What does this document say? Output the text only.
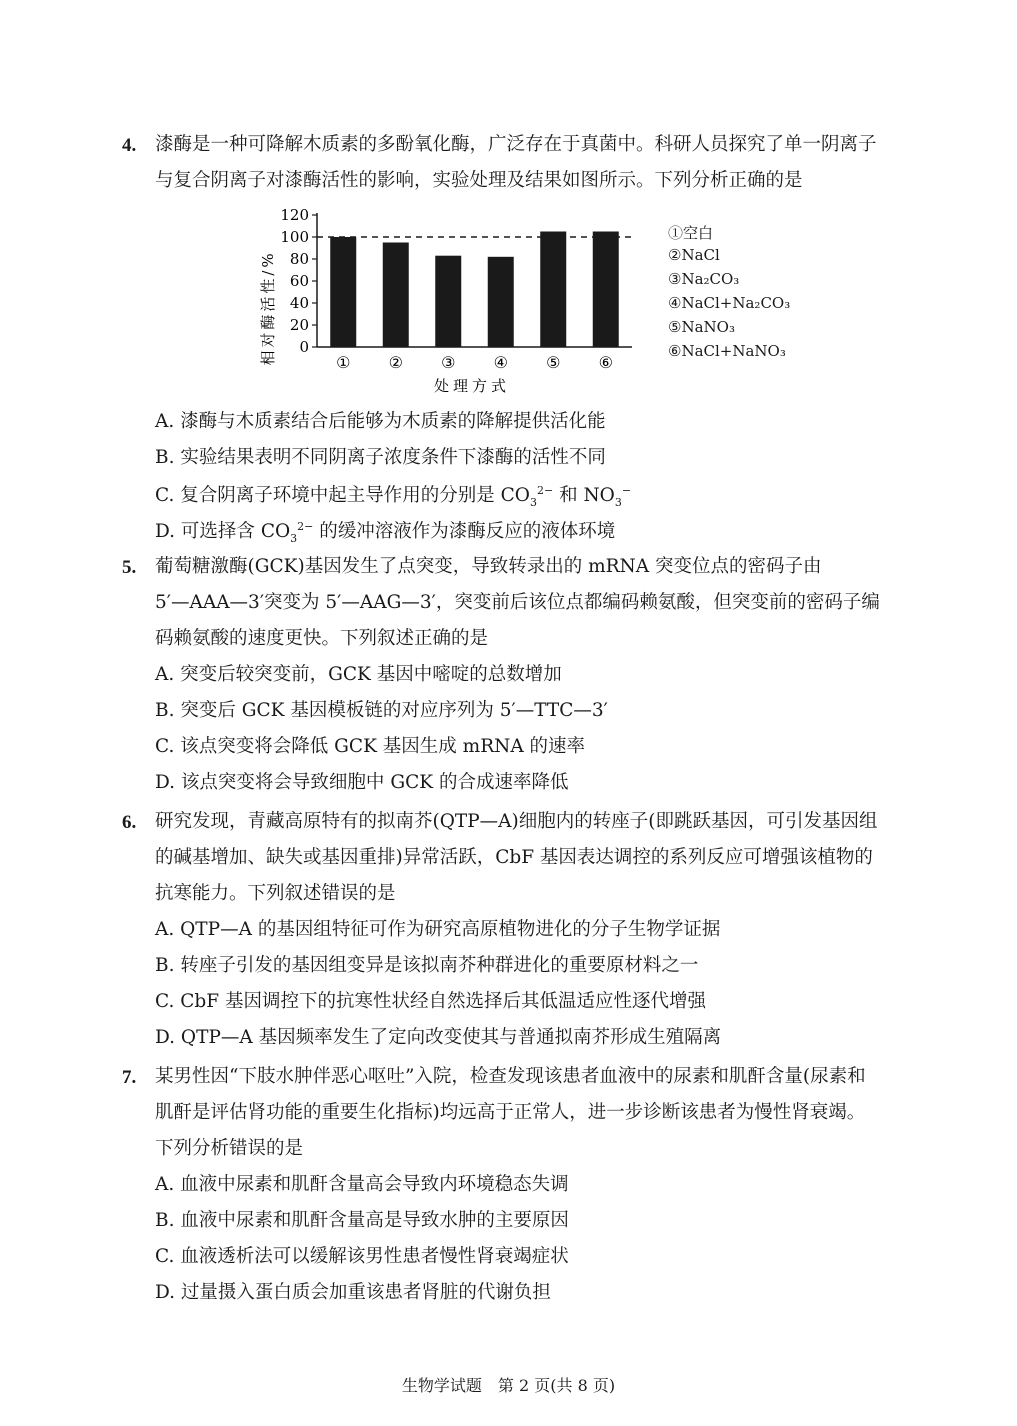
4. 漆酶是一种可降解木质素的多酚氧化酶，广泛存在于真菌中。科研人员探究了单一阴离子
与复合阴离子对漆酶活性的影响，实验处理及结果如图所示。下列分析正确的是
相对酶活性/% 0
20
40
60
80
100
120
① ② ③ ④ ⑤ ⑥
处理方式
①空白
②NaCl
③Na₂CO₃
④NaCl+Na₂CO₃
⑤NaNO₃
⑥NaCl+NaNO₃
A. 漆酶与木质素结合后能够为木质素的降解提供活化能
B. 实验结果表明不同阴离子浓度条件下漆酶的活性不同
C. 复合阴离子环境中起主导作用的分别是 $CO_3^{2-}$ 和 $NO_3^-$
D. 可选择含 $CO_3^{2-}$ 的缓冲溶液作为漆酶反应的液体环境
5. 葡萄糖激酶(GCK)基因发生了点突变，导致转录出的 mRNA 突变位点的密码子由
5′—AAA—3′突变为 5′—AAG—3′，突变前后该位点都编码赖氨酸，但突变前的密码子编
码赖氨酸的速度更快。下列叙述正确的是
A. 突变后较突变前，GCK 基因中嘧啶的总数增加
B. 突变后 GCK 基因模板链的对应序列为 5′—TTC—3′
C. 该点突变将会降低 GCK 基因生成 mRNA 的速率
D. 该点突变将会导致细胞中 GCK 的合成速率降低
6. 研究发现，青藏高原特有的拟南芥(QTP—A)细胞内的转座子(即跳跃基因，可引发基因组
的碱基增加、缺失或基因重排)异常活跃，CbF 基因表达调控的系列反应可增强该植物的
抗寒能力。下列叙述错误的是
A. QTP—A 的基因组特征可作为研究高原植物进化的分子生物学证据
B. 转座子引发的基因组变异是该拟南芥种群进化的重要原材料之一
C. CbF 基因调控下的抗寒性状经自然选择后其低温适应性逐代增强
D. QTP—A 基因频率发生了定向改变使其与普通拟南芥形成生殖隔离
7. 某男性因“下肢水肿伴恶心呕吐”入院，检查发现该患者血液中的尿素和肌酐含量(尿素和
肌酐是评估肾功能的重要生化指标)均远高于正常人，进一步诊断该患者为慢性肾衰竭。
下列分析错误的是
A. 血液中尿素和肌酐含量高会导致内环境稳态失调
B. 血液中尿素和肌酐含量高是导致水肿的主要原因
C. 血液透析法可以缓解该男性患者慢性肾衰竭症状
D. 过量摄入蛋白质会加重该患者肾脏的代谢负担
生物学试题　第 2 页(共 8 页)
